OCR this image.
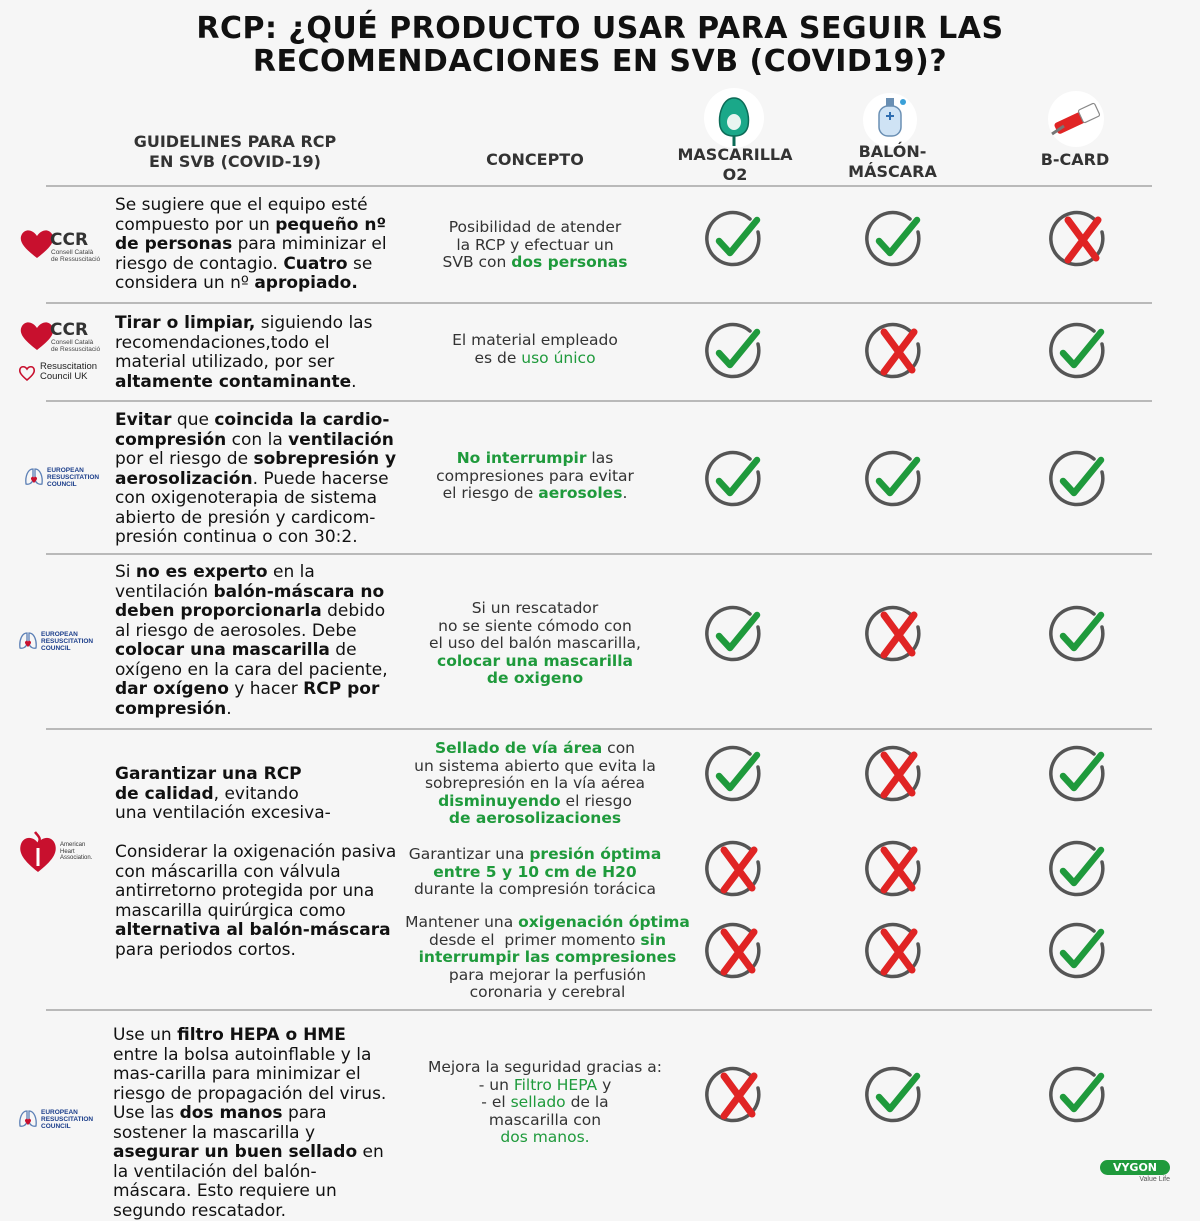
RCP: ¿QUÉ PRODUCTO USAR PARA SEGUIR LAS
RECOMENDACIONES EN SVB (COVID19)?
GUIDELINES PARA RCP
EN SVB (COVID-19)	CONCEPTO	MASCARILLA
O2
BALÓN-
MÁSCARA
B-CARD
CCR
Consell Català
de Ressuscitació
Se sugiere que el equipo esté compuesto por un pequeño nº de personas para miminizar el riesgo de contagio. Cuatro se considera un nº apropiado.
Posibilidad de atender
la RCP y efectuar un
SVB con dos personas
CCR
Consell Català
de Ressuscitació
Resuscitation
Council UK
Tirar o limpiar, siguiendo las recomendaciones,todo el material utilizado, por ser altamente contaminante.
El material empleado
es de uso único
EUROPEAN
RESUSCITATION
COUNCIL
Evitar que coincida la cardio-compresión con la ventilación por el riesgo de sobrepresión y aerosolización. Puede hacerse con oxigenoterapia de sistema abierto de presión y cardicom-presión continua o con 30:2.
No interrumpir las
compresiones para evitar
el riesgo de aerosoles.
EUROPEAN
RESUSCITATION
COUNCIL
Si no es experto en la ventilación balón-máscara no deben proporcionarla debido al riesgo de aerosoles. Debe colocar una mascarilla de oxígeno en la cara del paciente, dar oxígeno y hacer RCP por compresión.
Si un rescatador
no se siente cómodo con
el uso del balón mascarilla,
colocar una mascarilla
de oxigeno
American
Heart
Association.
Garantizar una RCP
de calidad, evitando
una ventilación excesiva-
Considerar la oxigenación pasiva con máscarilla con válvula antirretorno protegida por una mascarilla quirúrgica como alternativa al balón-máscara para periodos cortos.
Sellado de vía área con
un sistema abierto que evita la
sobrepresión en la vía aérea
disminuyendo el riesgo
de aerosolizaciones
Garantizar una presión óptima
entre 5 y 10 cm de H20
durante la compresión torácica
Mantener una oxigenación óptima
desde el  primer momento sin
interrumpir las compresiones
para mejorar la perfusión
coronaria y cerebral
EUROPEAN
RESUSCITATION
COUNCIL
Use un filtro HEPA o HME entre la bolsa autoinflable y la mas-carilla para minimizar el riesgo de propagación del virus. Use las dos manos para sostener la mascarilla y asegurar un buen sellado en la ventilación del balón-máscara. Esto requiere un segundo rescatador.
Mejora la seguridad gracias a:
- un Filtro HEPA y
- el sellado de la
mascarilla con
dos manos.
VYGON
Value Life
